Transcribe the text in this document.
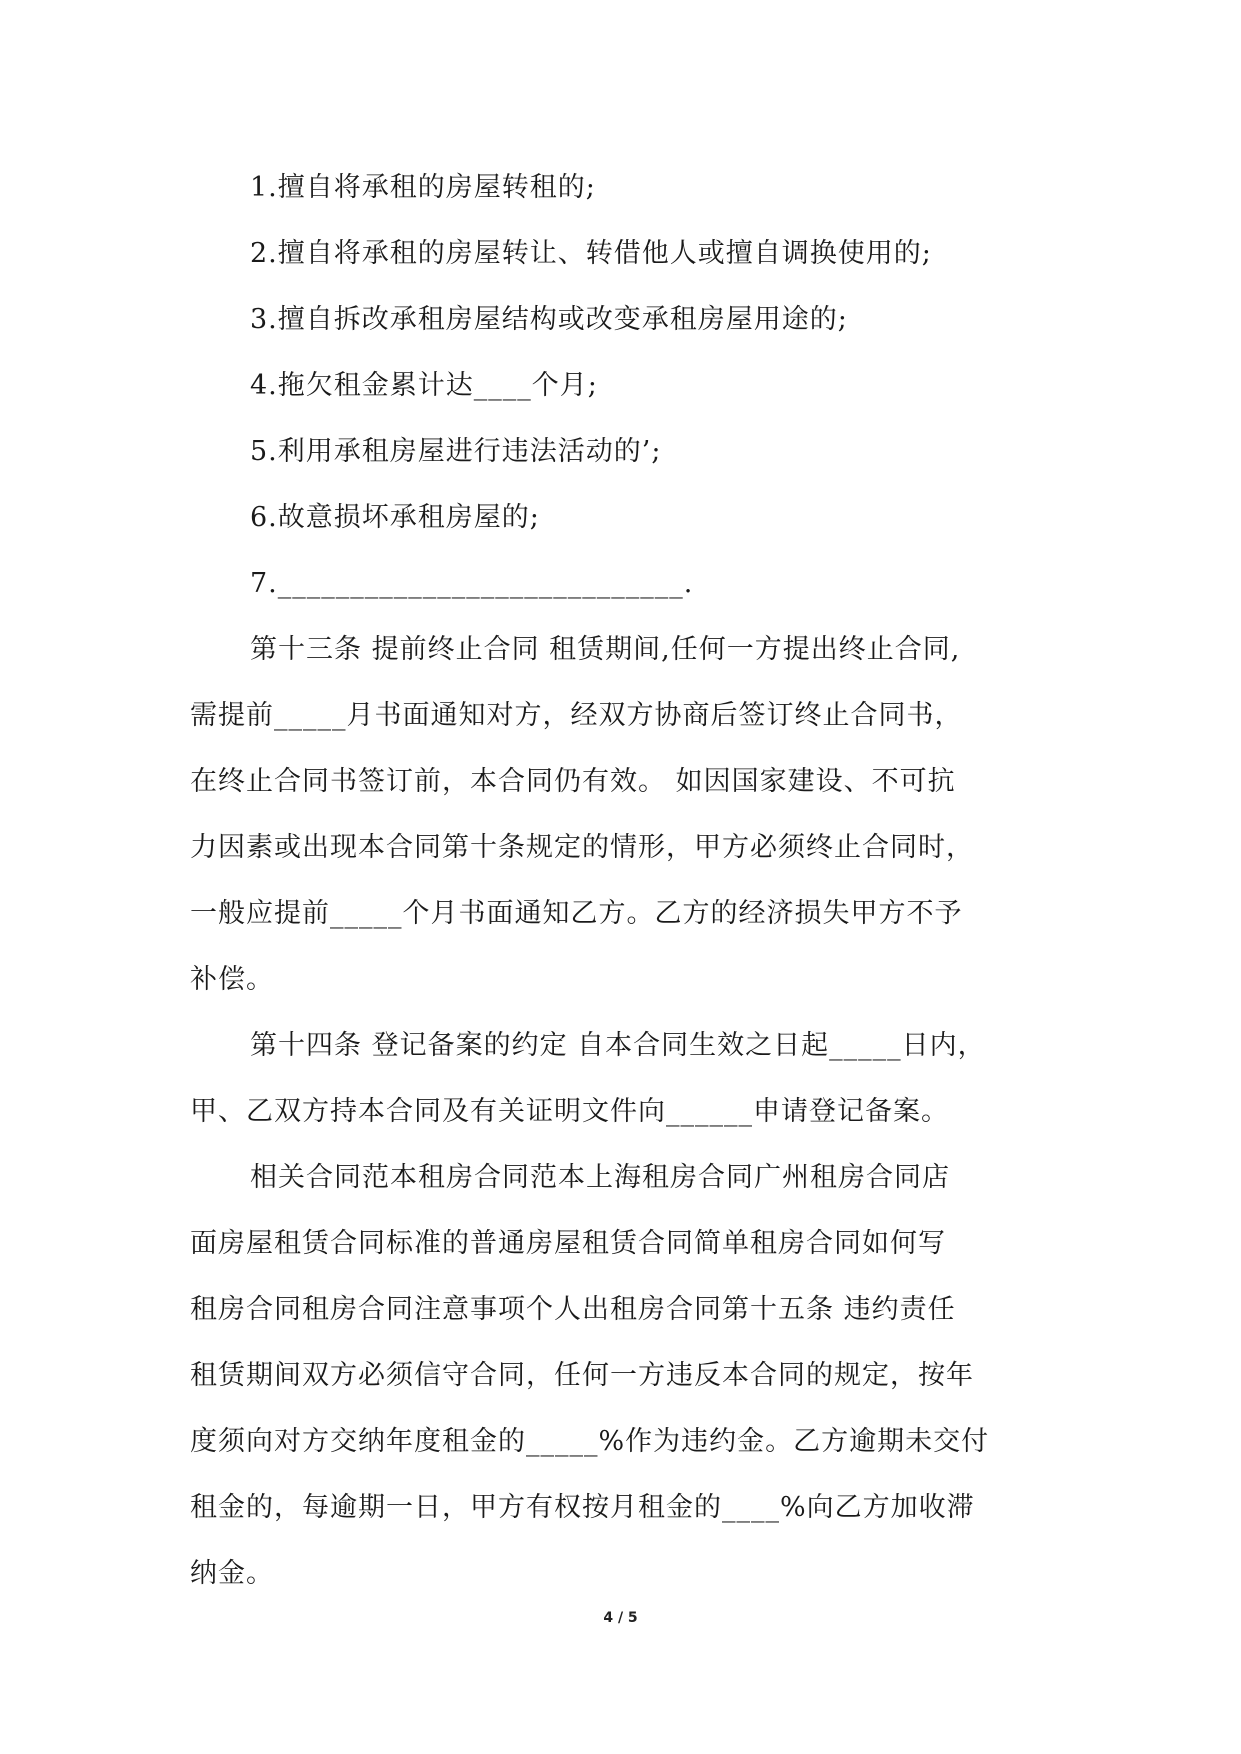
1.擅自将承租的房屋转租的;
2.擅自将承租的房屋转让、转借他人或擅自调换使用的;
3.擅自拆改承租房屋结构或改变承租房屋用途的;
4.拖欠租金累计达____个月;
5.利用承租房屋进行违法活动的’;
6.故意损坏承租房屋的;
7.____________________________.
第十三条 提前终止合同 租赁期间,任何一方提出终止合同,
需提前_____月书面通知对方，经双方协商后签订终止合同书，
在终止合同书签订前，本合同仍有效。 如因国家建设、不可抗
力因素或出现本合同第十条规定的情形，甲方必须终止合同时，
一般应提前_____个月书面通知乙方。乙方的经济损失甲方不予
补偿。
第十四条 登记备案的约定 自本合同生效之日起_____日内，
甲、乙双方持本合同及有关证明文件向______申请登记备案。
相关合同范本租房合同范本上海租房合同广州租房合同店
面房屋租赁合同标准的普通房屋租赁合同简单租房合同如何写
租房合同租房合同注意事项个人出租房合同第十五条 违约责任
租赁期间双方必须信守合同，任何一方违反本合同的规定，按年
度须向对方交纳年度租金的_____%作为违约金。乙方逾期未交付
租金的，每逾期一日，甲方有权按月租金的____%向乙方加收滞
纳金。
4 / 5
